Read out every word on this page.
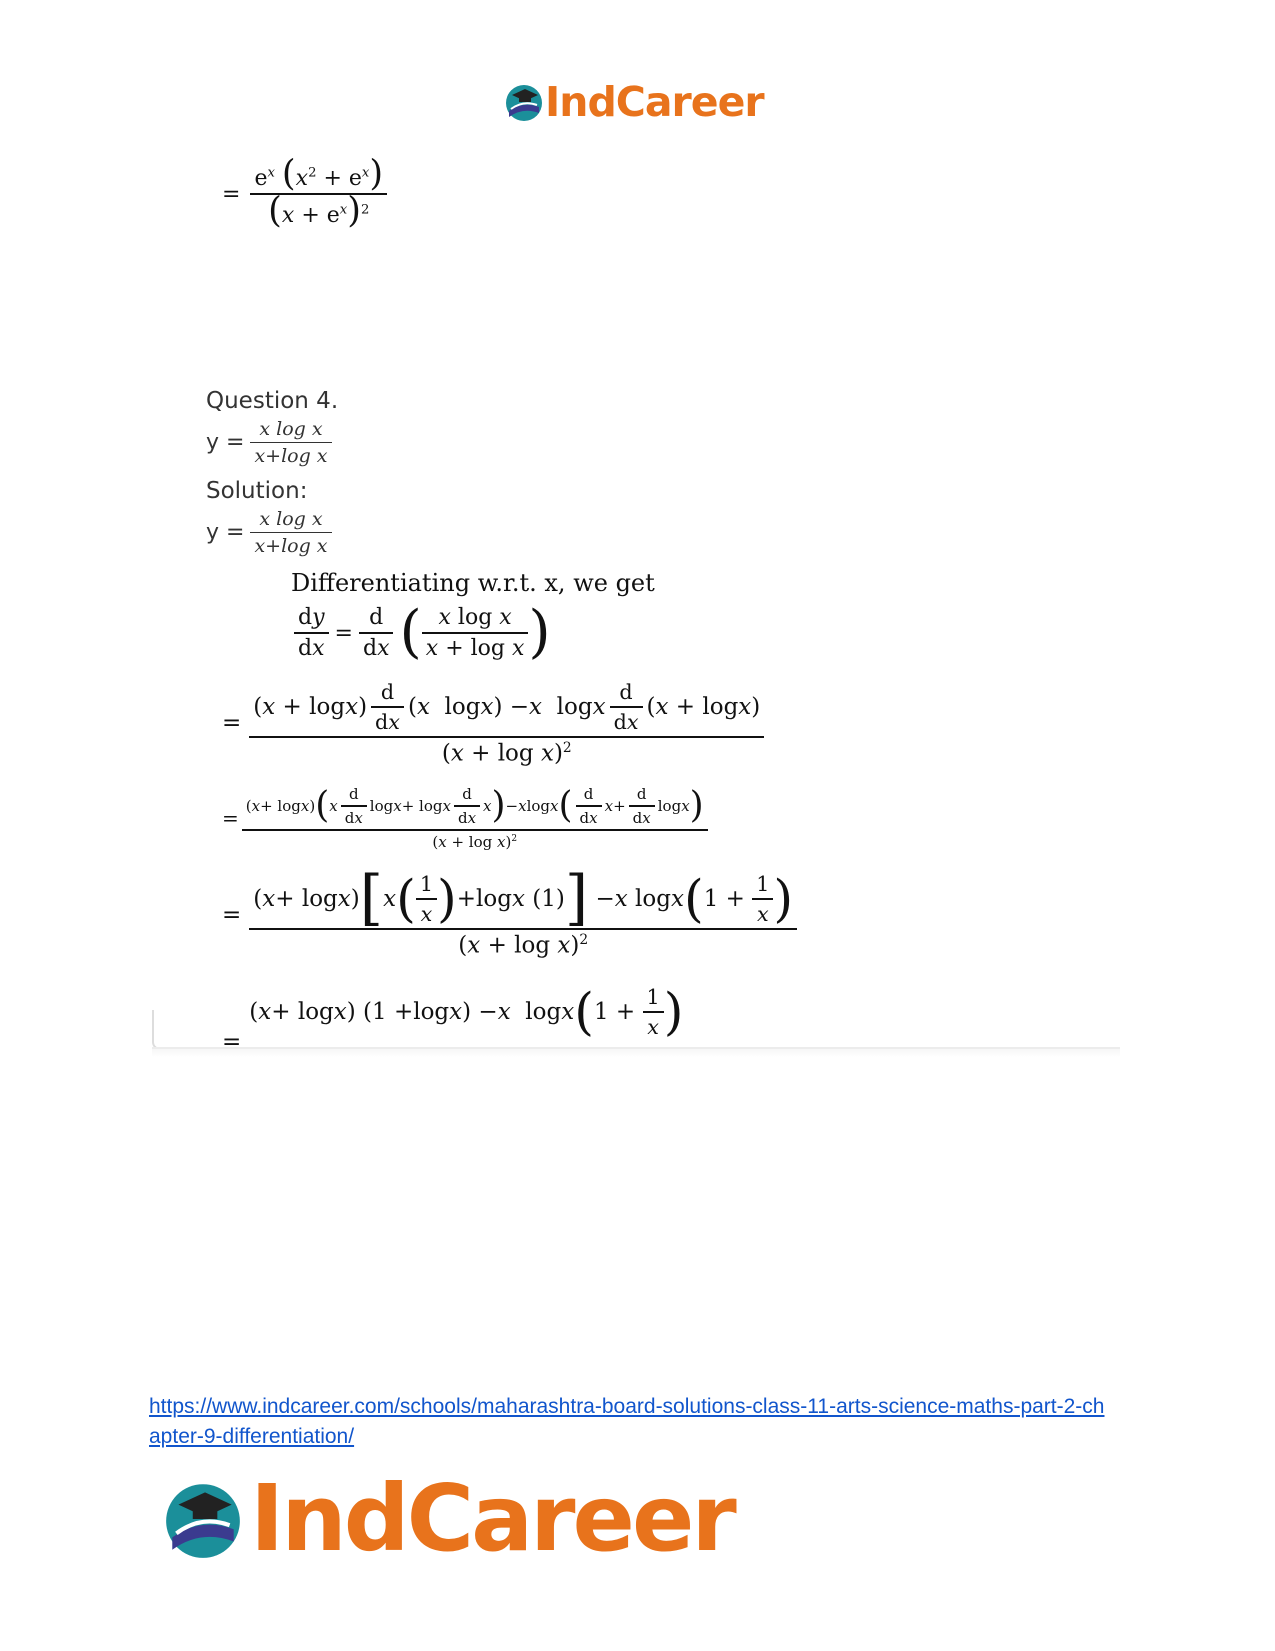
IndCareer
= $\frac{e^x (x^2 + e^x)}{(x + e^x)^2}$
Question 4.
$y = \frac{\text{x log x}}{\text{x+log x}}$
Solution:
$y = \frac{\text{x log x}}{\text{x+log x}}$
Differentiating w.r.t. x, we get
$\frac{dy}{dx} = \frac{d}{dx}$ ( $\frac{\text{x log x}}{\text{x + log x}}$ )
=
( x + log x ) $\frac{d}{dx}$ ( x log x ) − x log x $\frac{d}{dx}$ ( x + log x )
$(x + \log x)^2$
= ( x + log x ) ( x $\frac{d}{dx}$ log x + log x $\frac{d}{dx}$ x ) − x log x ( $\frac{d}{dx}$ $x + \frac{d}{dx}$ log x )
$(x + \log x)^2$
=
( x + log x ) [ x ( $\frac{1}{x}$ ) +log x (1) ] − x log x ( $1 + \frac{1}{x}$ )
$(x + \log x)^2$
=
( x + log x ) (1 +log x ) − x log x ( $1 + \frac{1}{x}$ )
https://www.indcareer.com/schools/maharashtra-board-solutions-class-11-arts-science-maths-part-2-chapter-9-differentiation/
IndCareer
